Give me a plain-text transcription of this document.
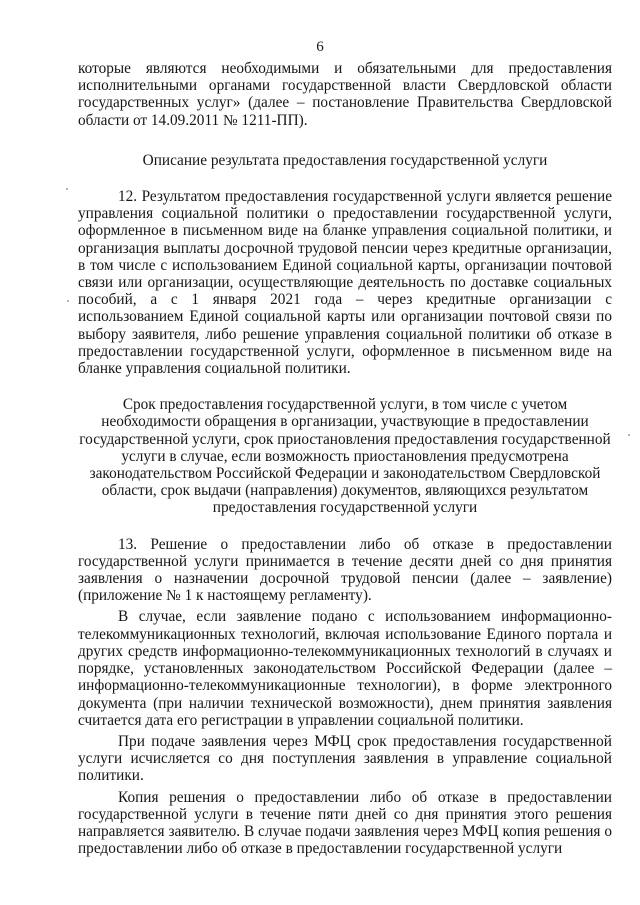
6

которые являются необходимыми и обязательными для предоставления исполнительными органами государственной власти Свердловской области государственных услуг» (далее – постановление Правительства Свердловской области от 14.09.2011 № 1211-ПП).

Описание результата предоставления государственной услуги

12. Результатом предоставления государственной услуги является решение управления социальной политики о предоставлении государственной услуги, оформленное в письменном виде на бланке управления социальной политики, и организация выплаты досрочной трудовой пенсии через кредитные организации, в том числе с использованием Единой социальной карты, организации почтовой связи или организации, осуществляющие деятельность по доставке социальных пособий, а с 1 января 2021 года – через кредитные организации с использованием Единой социальной карты или организации почтовой связи по выбору заявителя, либо решение управления социальной политики об отказе в предоставлении государственной услуги, оформленное в письменном виде на бланке управления социальной политики.

Срок предоставления государственной услуги, в том числе с учетом необходимости обращения в организации, участвующие в предоставлении государственной услуги, срок приостановления предоставления государственной услуги в случае, если возможность приостановления предусмотрена законодательством Российской Федерации и законодательством Свердловской области, срок выдачи (направления) документов, являющихся результатом предоставления государственной услуги

13. Решение о предоставлении либо об отказе в предоставлении государственной услуги принимается в течение десяти дней со дня принятия заявления о назначении досрочной трудовой пенсии (далее – заявление) (приложение № 1 к настоящему регламенту).

В случае, если заявление подано с использованием информационно-телекоммуникационных технологий, включая использование Единого портала и других средств информационно-телекоммуникационных технологий в случаях и порядке, установленных законодательством Российской Федерации (далее – информационно-телекоммуникационные технологии), в форме электронного документа (при наличии технической возможности), днем принятия заявления считается дата его регистрации в управлении социальной политики.

При подаче заявления через МФЦ срок предоставления государственной услуги исчисляется со дня поступления заявления в управление социальной политики.

Копия решения о предоставлении либо об отказе в предоставлении государственной услуги в течение пяти дней со дня принятия этого решения направляется заявителю. В случае подачи заявления через МФЦ копия решения о предоставлении либо об отказе в предоставлении государственной услуги
